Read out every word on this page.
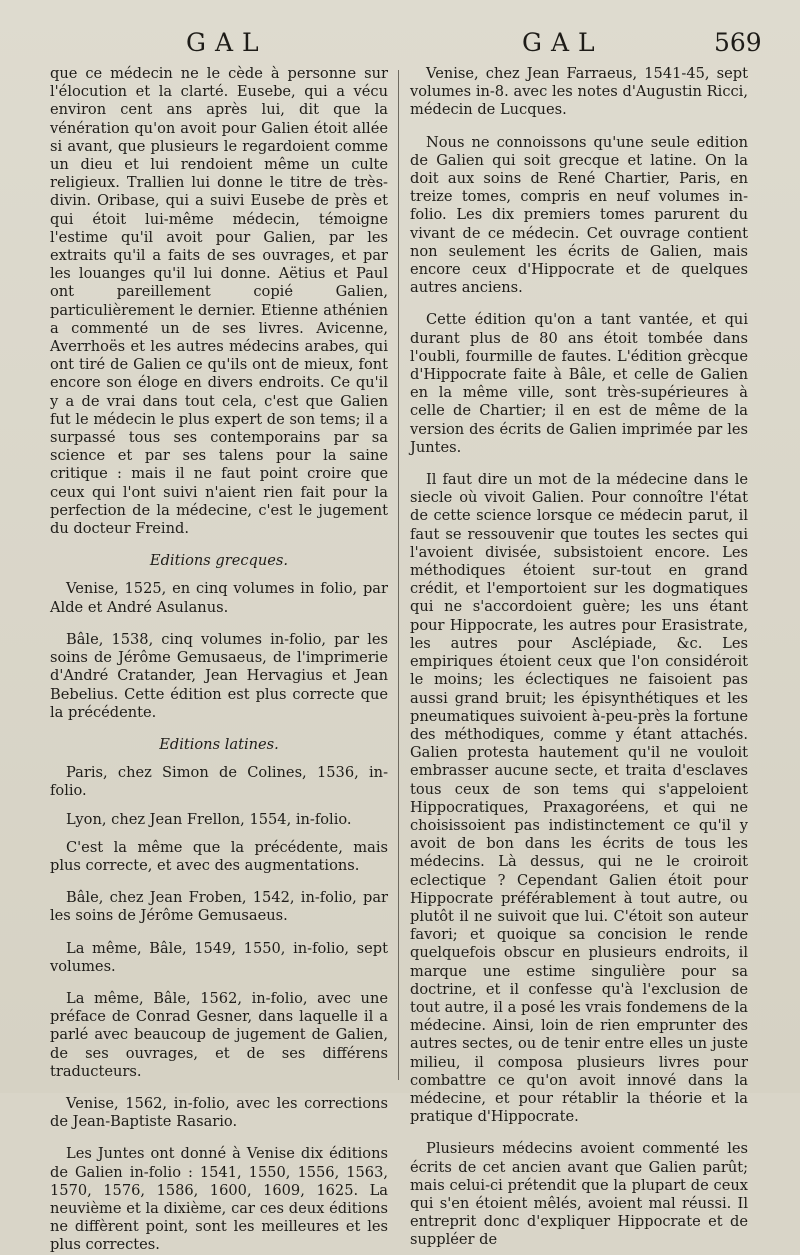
GAL	GAL	569

que ce médecin ne le cède à personne sur l'élocution et la clarté. Eusebe, qui a vécu environ cent ans après lui, dit que la vénération qu'on avoit pour Galien étoit allée si avant, que plusieurs le regardoient comme un dieu et lui rendoient même un culte religieux. Trallien lui donne le titre de très-divin. Oribase, qui a suivi Eusebe de près et qui étoit lui-même médecin, témoigne l'estime qu'il avoit pour Galien, par les extraits qu'il a faits de ses ouvrages, et par les louanges qu'il lui donne. Aëtius et Paul ont pareillement copié Galien, particulièrement le dernier. Etienne athénien a commenté un de ses livres. Avicenne, Averrhoës et les autres médecins arabes, qui ont tiré de Galien ce qu'ils ont de mieux, font encore son éloge en divers endroits. Ce qu'il y a de vrai dans tout cela, c'est que Galien fut le médecin le plus expert de son tems; il a surpassé tous ses contemporains par sa science et par ses talens pour la saine critique : mais il ne faut point croire que ceux qui l'ont suivi n'aient rien fait pour la perfection de la médecine, c'est le jugement du docteur Freind.

Editions grecques.

Venise, 1525, en cinq volumes in folio, par Alde et André Asulanus.

Bâle, 1538, cinq volumes in-folio, par les soins de Jérôme Gemusaeus, de l'imprimerie d'André Cratander, Jean Hervagius et Jean Bebelius. Cette édition est plus correcte que la précédente.

Editions latines.

Paris, chez Simon de Colines, 1536, in-folio.

Lyon, chez Jean Frellon, 1554, in-folio.

C'est la même que la précédente, mais plus correcte, et avec des augmentations.

Bâle, chez Jean Froben, 1542, in-folio, par les soins de Jérôme Gemusaeus.

La même, Bâle, 1549, 1550, in-folio, sept volumes.

La même, Bâle, 1562, in-folio, avec une préface de Conrad Gesner, dans laquelle il a parlé avec beaucoup de jugement de Galien, de ses ouvrages, et de ses différens traducteurs.

Venise, 1562, in-folio, avec les corrections de Jean-Baptiste Rasario.

Les Juntes ont donné à Venise dix éditions de Galien in-folio : 1541, 1550, 1556, 1563, 1570, 1576, 1586, 1600, 1609, 1625. La neuvième et la dixième, car ces deux éditions ne diffèrent point, sont les meilleures et les plus correctes.

Venise, chez Jean Farraeus, 1541-45, sept volumes in-8. avec les notes d'Augustin Ricci, médecin de Lucques.

Nous ne connoissons qu'une seule edition de Galien qui soit grecque et latine. On la doit aux soins de René Chartier, Paris, en treize tomes, compris en neuf volumes in-folio. Les dix premiers tomes parurent du vivant de ce médecin. Cet ouvrage contient non seulement les écrits de Galien, mais encore ceux d'Hippocrate et de quelques autres anciens.

Cette édition qu'on a tant vantée, et qui durant plus de 80 ans étoit tombée dans l'oubli, fourmille de fautes. L'édition grècque d'Hippocrate faite à Bâle, et celle de Galien en la même ville, sont très-supérieures à celle de Chartier; il en est de même de la version des écrits de Galien imprimée par les Juntes.

Il faut dire un mot de la médecine dans le siecle où vivoit Galien. Pour connoître l'état de cette science lorsque ce médecin parut, il faut se ressouvenir que toutes les sectes qui l'avoient divisée, subsistoient encore. Les méthodiques étoient sur-tout en grand crédit, et l'emportoient sur les dogmatiques qui ne s'accordoient guère; les uns étant pour Hippocrate, les autres pour Erasistrate, les autres pour Asclépiade, &c. Les empiriques étoient ceux que l'on considéroit le moins; les éclectiques ne faisoient pas aussi grand bruit; les épisynthétiques et les pneumatiques suivoient à-peu-près la fortune des méthodiques, comme y étant attachés. Galien protesta hautement qu'il ne vouloit embrasser aucune secte, et traita d'esclaves tous ceux de son tems qui s'appeloient Hippocratiques, Praxagoréens, et qui ne choisissoient pas indistinctement ce qu'il y avoit de bon dans les écrits de tous les médecins. Là dessus, qui ne le croiroit eclectique ? Cependant Galien étoit pour Hippocrate préférablement à tout autre, ou plutôt il ne suivoit que lui. C'étoit son auteur favori; et quoique sa concision le rende quelquefois obscur en plusieurs endroits, il marque une estime singulière pour sa doctrine, et il confesse qu'à l'exclusion de tout autre, il a posé les vrais fondemens de la médecine. Ainsi, loin de rien emprunter des autres sectes, ou de tenir entre elles un juste milieu, il composa plusieurs livres pour combattre ce qu'on avoit innové dans la médecine, et pour rétablir la théorie et la pratique d'Hippocrate.

Plusieurs médecins avoient commenté les écrits de cet ancien avant que Galien parût; mais celui-ci prétendit que la plupart de ceux qui s'en étoient mêlés, avoient mal réussi. Il entreprit donc d'expliquer Hippocrate et de suppléer de
